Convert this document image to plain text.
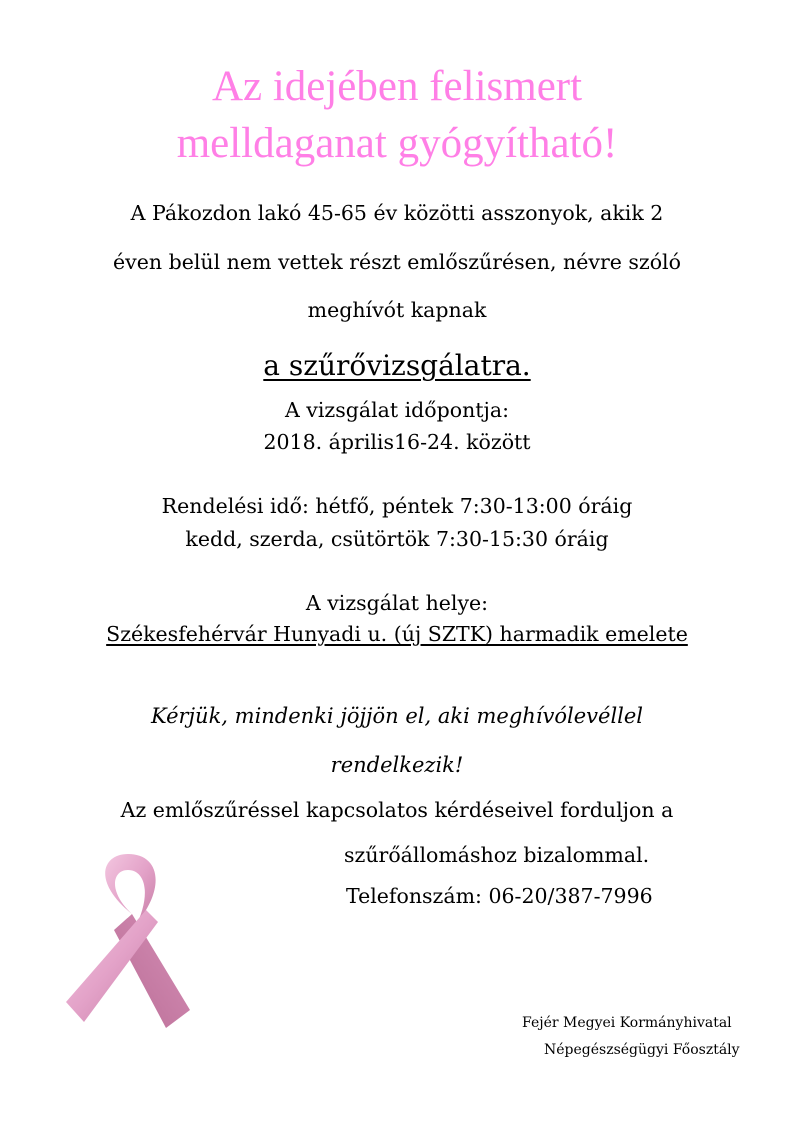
Az idejében felismert
melldaganat gyógyítható!
A Pákozdon lakó 45-65 év közötti asszonyok, akik 2
éven belül nem vettek részt emlőszűrésen, névre szóló
meghívót kapnak
a szűrővizsgálatra.
A vizsgálat időpontja:
2018. április16-24. között
Rendelési idő: hétfő, péntek 7:30-13:00 óráig
kedd, szerda, csütörtök 7:30-15:30 óráig
A vizsgálat helye:
Székesfehérvár Hunyadi u. (új SZTK) harmadik emelete
Kérjük, mindenki jöjjön el, aki meghívólevéllel
rendelkezik!
Az emlőszűréssel kapcsolatos kérdéseivel forduljon a
szűrőállomáshoz bizalommal.
Telefonszám: 06-20/387-7996
Fejér Megyei Kormányhivatal
Népegészségügyi Főosztály
